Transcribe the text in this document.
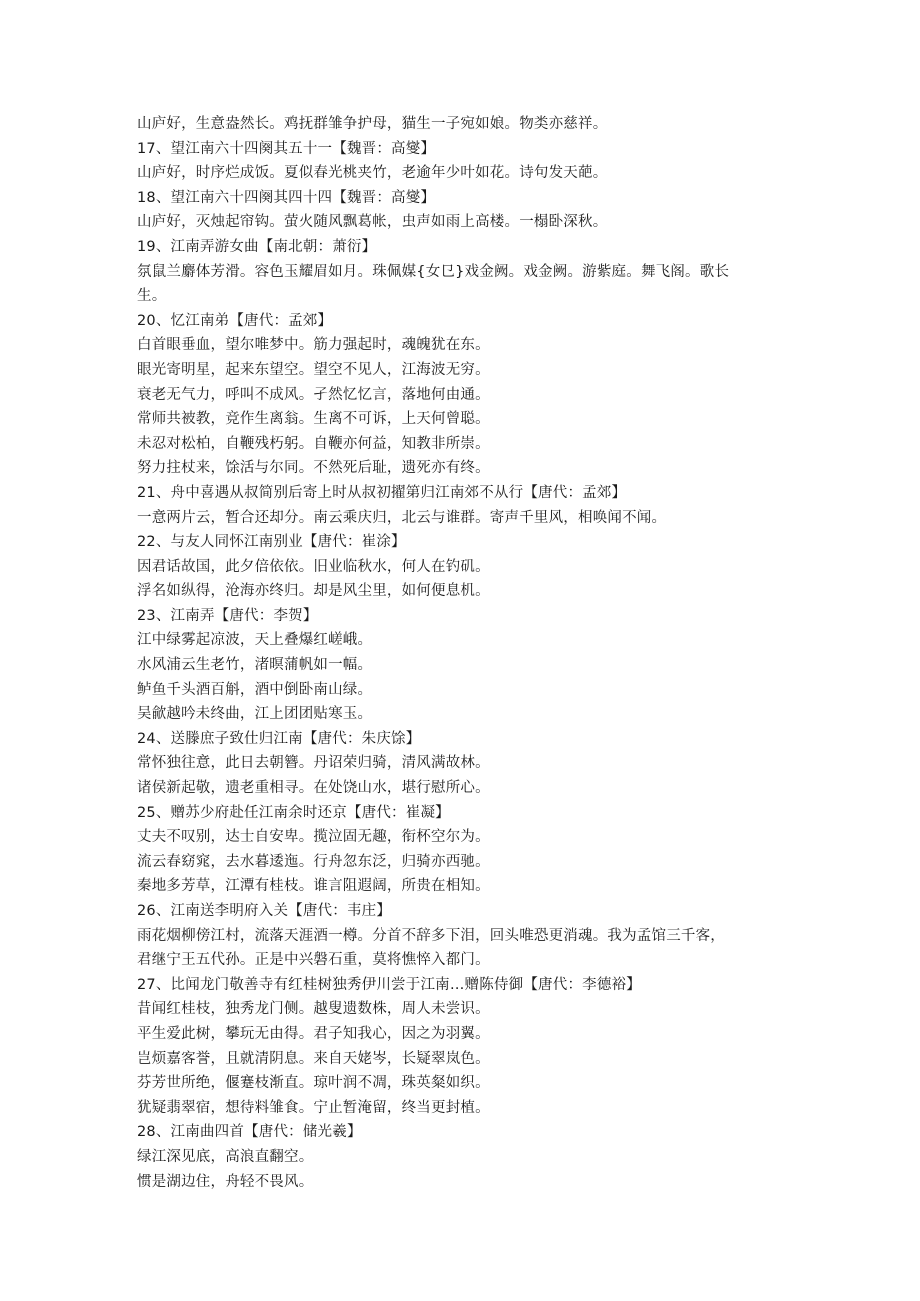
山庐好，生意盎然长。鸡抚群雏争护母，猫生一子宛如娘。物类亦慈祥。
17、望江南六十四阕其五十一【魏晋：高燮】
山庐好，时序烂成饭。夏似春光桃夹竹，老逾年少叶如花。诗句发天葩。
18、望江南六十四阕其四十四【魏晋：高燮】
山庐好，灭烛起帘钩。萤火随风飘葛帐，虫声如雨上高楼。一榻卧深秋。
19、江南弄游女曲【南北朝：萧衍】
氛鼠兰麝体芳滑。容色玉耀眉如月。珠佩媒{女㔾}戏金阙。戏金阙。游紫庭。舞飞阁。歌长
生。
20、忆江南弟【唐代：孟郊】
白首眼垂血，望尔唯梦中。筋力强起时，魂魄犹在东。
眼光寄明星，起来东望空。望空不见人，江海波无穷。
衰老无气力，呼叫不成风。孑然忆忆言，落地何由通。
常师共被教，竞作生离翁。生离不可诉，上天何曾聪。
未忍对松柏，自鞭残朽躬。自鞭亦何益，知教非所崇。
努力拄杖来，馀活与尔同。不然死后耻，遗死亦有终。
21、舟中喜遇从叔简别后寄上时从叔初擢第归江南郊不从行【唐代：孟郊】
一意两片云，暂合还却分。南云乘庆归，北云与谁群。寄声千里风，相唤闻不闻。
22、与友人同怀江南别业【唐代：崔涂】
因君话故国，此夕倍依依。旧业临秋水，何人在钓矶。
浮名如纵得，沧海亦终归。却是风尘里，如何便息机。
23、江南弄【唐代：李贺】
江中绿雾起凉波，天上叠爆红嵯峨。
水风浦云生老竹，渚暝蒲帆如一幅。
鲈鱼千头酒百斛，酒中倒卧南山绿。
吴歈越吟未终曲，江上团团贴寒玉。
24、送滕庶子致仕归江南【唐代：朱庆馀】
常怀独往意，此日去朝簪。丹诏荣归骑，清风满故林。
诸侯新起敬，遗老重相寻。在处饶山水，堪行慰所心。
25、赠苏少府赴任江南余时还京【唐代：崔凝】
丈夫不叹别，达士自安卑。揽泣固无趣，衔杯空尔为。
流云春窈窕，去水暮逶迤。行舟忽东泛，归骑亦西驰。
秦地多芳草，江潭有桂枝。谁言阻遐阔，所贵在相知。
26、江南送李明府入关【唐代：韦庄】
雨花烟柳傍江村，流落天涯酒一樽。分首不辞多下泪，回头唯恐更消魂。我为孟馆三千客，
君继宁王五代孙。正是中兴磐石重，莫将憔悴入都门。
27、比闻龙门敬善寺有红桂树独秀伊川尝于江南…赠陈侍御【唐代：李德裕】
昔闻红桂枝，独秀龙门侧。越叟遗数株，周人未尝识。
平生爱此树，攀玩无由得。君子知我心，因之为羽翼。
岂烦嘉客誉，且就清阴息。来自天姥岑，长疑翠岚色。
芬芳世所绝，偃蹇枝渐直。琼叶润不凋，珠英粲如织。
犹疑翡翠宿，想待料雏食。宁止暂淹留，终当更封植。
28、江南曲四首【唐代：储光羲】
绿江深见底，高浪直翻空。
惯是湖边住，舟轻不畏风。
